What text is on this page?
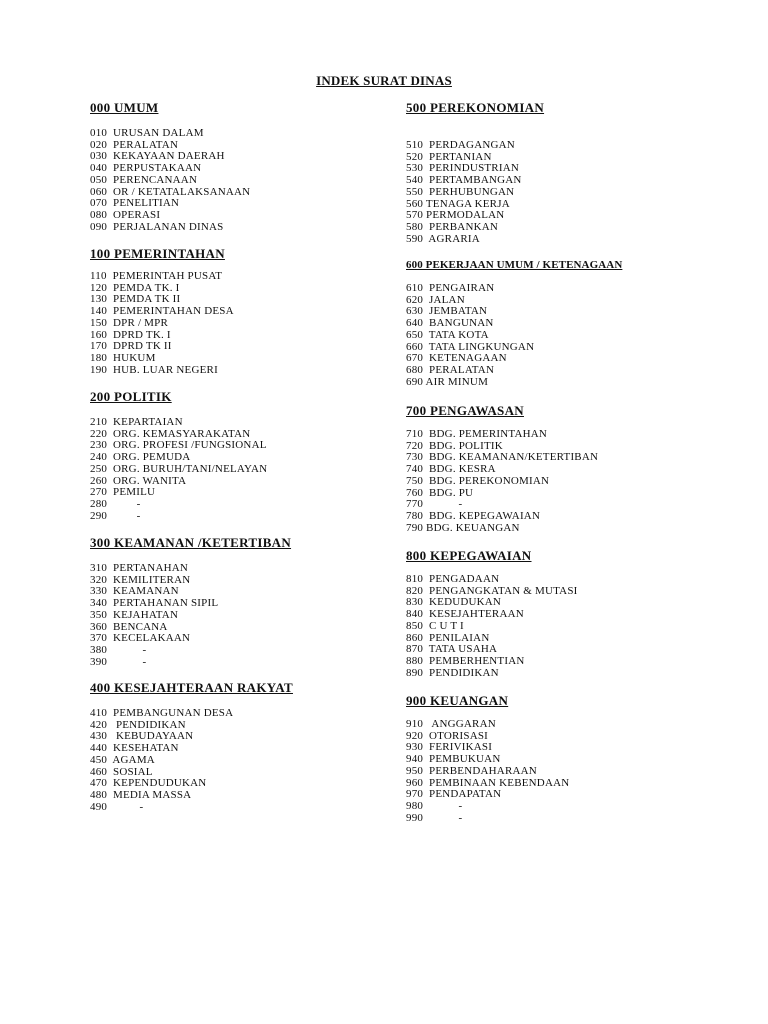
INDEK SURAT DINAS
000 UMUM
010  URUSAN DALAM
020  PERALATAN
030  KEKAYAAN DAERAH
040  PERPUSTAKAAN
050  PERENCANAAN
060  OR / KETATALAKSANAAN
070  PENELITIAN
080  OPERASI
090  PERJALANAN DINAS
100 PEMERINTAHAN
110  PEMERINTAH PUSAT
120  PEMDA TK. I
130  PEMDA TK II
140  PEMERINTAHAN DESA
150  DPR / MPR
160  DPRD TK. I
170  DPRD TK II
180  HUKUM
190  HUB. LUAR NEGERI
200 POLITIK
210  KEPARTAIAN
220  ORG. KEMASYARAKATAN
230  ORG. PROFESI /FUNGSIONAL
240  ORG. PEMUDA
250  ORG. BURUH/TANI/NELAYAN
260  ORG. WANITA
270  PEMILU
280          -
290          -
300 KEAMANAN /KETERTIBAN
310  PERTANAHAN
320  KEMILITERAN
330  KEAMANAN
340  PERTAHANAN SIPIL
350  KEJAHATAN
360  BENCANA
370  KECELAKAAN
380            -
390            -
400 KESEJAHTERAAN RAKYAT
410  PEMBANGUNAN DESA
420   PENDIDIKAN
430   KEBUDAYAAN
440  KESEHATAN
450  AGAMA
460  SOSIAL
470  KEPENDUDUKAN
480  MEDIA MASSA
490           -
500 PEREKONOMIAN
510  PERDAGANGAN
520  PERTANIAN
530  PERINDUSTRIAN
540  PERTAMBANGAN
550  PERHUBUNGAN
560 TENAGA KERJA
570 PERMODALAN
580  PERBANKAN
590  AGRARIA
600 PEKERJAAN UMUM / KETENAGAAN
610  PENGAIRAN
620  JALAN
630  JEMBATAN
640  BANGUNAN
650  TATA KOTA
660  TATA LINGKUNGAN
670  KETENAGAAN
680  PERALATAN
690 AIR MINUM
700 PENGAWASAN
710  BDG. PEMERINTAHAN
720  BDG. POLITIK
730  BDG. KEAMANAN/KETERTIBAN
740  BDG. KESRA
750  BDG. PEREKONOMIAN
760  BDG. PU
770            -
780  BDG. KEPEGAWAIAN
790 BDG. KEUANGAN
800 KEPEGAWAIAN
810  PENGADAAN
820  PENGANGKATAN & MUTASI
830  KEDUDUKAN
840  KESEJAHTERAAN
850  C U T I
860  PENILAIAN
870  TATA USAHA
880  PEMBERHENTIAN
890  PENDIDIKAN
900 KEUANGAN
910   ANGGARAN
920  OTORISASI
930  FERIVIKASI
940  PEMBUKUAN
950  PERBENDAHARAAN
960  PEMBINAAN KEBENDAAN
970  PENDAPATAN
980            -
990            -
